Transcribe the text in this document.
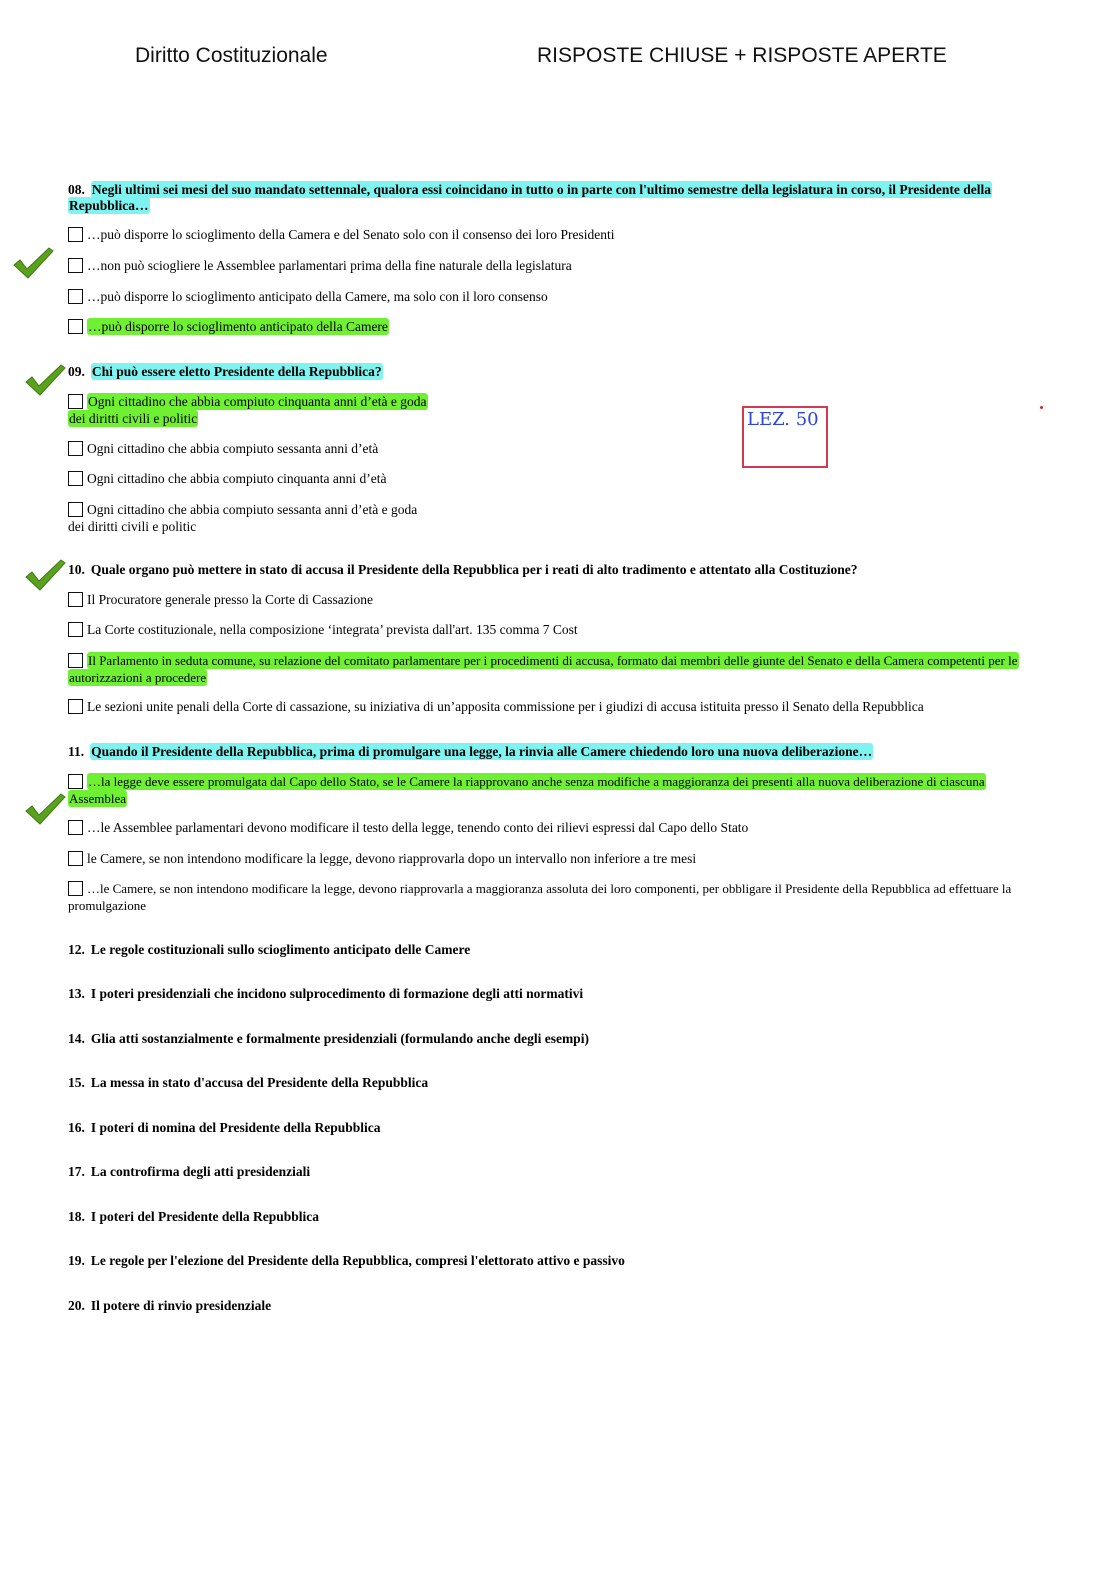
Diritto Costituzionale	RISPOSTE CHIUSE + RISPOSTE APERTE
08. Negli ultimi sei mesi del suo mandato settennale, qualora essi coincidano in tutto o in parte con l'ultimo semestre della legislatura in corso, il Presidente della Repubblica…
…può disporre lo scioglimento della Camera e del Senato solo con il consenso dei loro Presidenti
…non può sciogliere le Assemblee parlamentari prima della fine naturale della legislatura
…può disporre lo scioglimento anticipato della Camere, ma solo con il loro consenso
…può disporre lo scioglimento anticipato della Camere
09. Chi può essere eletto Presidente della Repubblica?
Ogni cittadino che abbia compiuto cinquanta anni d’età e goda dei diritti civili e politic
Ogni cittadino che abbia compiuto sessanta anni d’età
Ogni cittadino che abbia compiuto cinquanta anni d’età
Ogni cittadino che abbia compiuto sessanta anni d’età e goda dei diritti civili e politic
10. Quale organo può mettere in stato di accusa il Presidente della Repubblica per i reati di alto tradimento e attentato alla Costituzione?
Il Procuratore generale presso la Corte di Cassazione
La Corte costituzionale, nella composizione ‘integrata’ prevista dall'art. 135 comma 7 Cost
Il Parlamento in seduta comune, su relazione del comitato parlamentare per i procedimenti di accusa, formato dai membri delle giunte del Senato e della Camera competenti per le autorizzazioni a procedere
Le sezioni unite penali della Corte di cassazione, su iniziativa di un’apposita commissione per i giudizi di accusa istituita presso il Senato della Repubblica
11. Quando il Presidente della Repubblica, prima di promulgare una legge, la rinvia alle Camere chiedendo loro una nuova deliberazione…
…la legge deve essere promulgata dal Capo dello Stato, se le Camere la riapprovano anche senza modifiche a maggioranza dei presenti alla nuova deliberazione di ciascuna Assemblea
…le Assemblee parlamentari devono modificare il testo della legge, tenendo conto dei rilievi espressi dal Capo dello Stato
le Camere, se non intendono modificare la legge, devono riapprovarla dopo un intervallo non inferiore a tre mesi
…le Camere, se non intendono modificare la legge, devono riapprovarla a maggioranza assoluta dei loro componenti, per obbligare il Presidente della Repubblica ad effettuare la promulgazione
12. Le regole costituzionali sullo scioglimento anticipato delle Camere
13. I poteri presidenziali che incidono sulprocedimento di formazione degli atti normativi
14. Glia atti sostanzialmente e formalmente presidenziali (formulando anche degli esempi)
15. La messa in stato d'accusa del Presidente della Repubblica
16. I poteri di nomina del Presidente della Repubblica
17. La controfirma degli atti presidenziali
18. I poteri del Presidente della Repubblica
19. Le regole per l'elezione del Presidente della Repubblica, compresi l'elettorato attivo e passivo
20. Il potere di rinvio presidenziale
LEZ. 50
